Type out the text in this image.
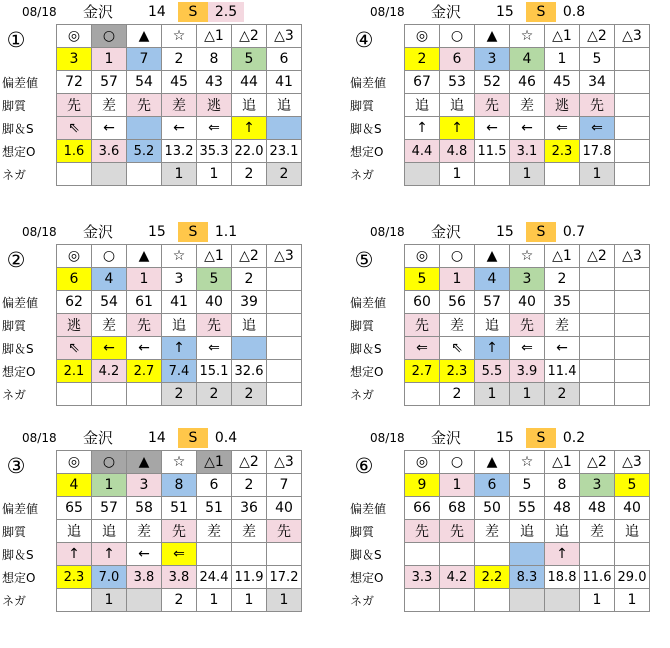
08/18 金沢 14	S	2.5
	◎	○	▲	☆	△1	△2	△3
	3	1	7	2	8	5	6
偏差値	72	57	54	45	43	44	41
脚質	先	差	先	差	逃	追	追
脚＆S	⇖	←		←	⇐	↑	
想定O	1.6	3.6	5.2	13.2	35.3	22.0	23.1
ネガ				1	1	2	2
①
08/18 金沢 15	S	0.8
	◎	○	▲	☆	△1	△2	△3
	2	6	3	4	1	5	
偏差値	67	53	52	46	45	34	
脚質	追	追	先	差	逃	先	
脚＆S	↑	↑	←	←	⇐	⇐	
想定O	4.4	4.8	11.5	3.1	2.3	17.8	
ネガ		1		1		1	
④
08/18 金沢 15	S	1.1
	◎	○	▲	☆	△1	△2	△3
	6	4	1	3	5	2	
偏差値	62	54	61	41	40	39	
脚質	逃	差	先	追	先	追	
脚＆S	⇖	←	←	↑	⇐		
想定O	2.1	4.2	2.7	7.4	15.1	32.6	
ネガ				2	2	2	
②
08/18 金沢 15	S	0.7
	◎	○	▲	☆	△1	△2	△3
	5	1	4	3	2		
偏差値	60	56	57	40	35		
脚質	先	差	追	先	差		
脚＆S	⇐	⇖	↑	⇐	←		
想定O	2.7	2.3	5.5	3.9	11.4		
ネガ		2	1	1	2		
⑤
08/18 金沢 14	S	0.4
	◎	○	▲	☆	△1	△2	△3
	4	1	3	8	6	2	7
偏差値	65	57	58	51	51	36	40
脚質	追	追	差	先	差	差	先
脚＆S	↑	↑	←	⇐			
想定O	2.3	7.0	3.8	3.8	24.4	11.9	17.2
ネガ		1		2	1	1	1
③
08/18 金沢 15	S	0.2
	◎	○	▲	☆	△1	△2	△3
	9	1	6	5	8	3	5
偏差値	66	68	50	55	48	48	40
脚質	先	先	差	追	追	差	追
脚＆S					↑		
想定O	3.3	4.2	2.2	8.3	18.8	11.6	29.0
ネガ						1	1
⑥
